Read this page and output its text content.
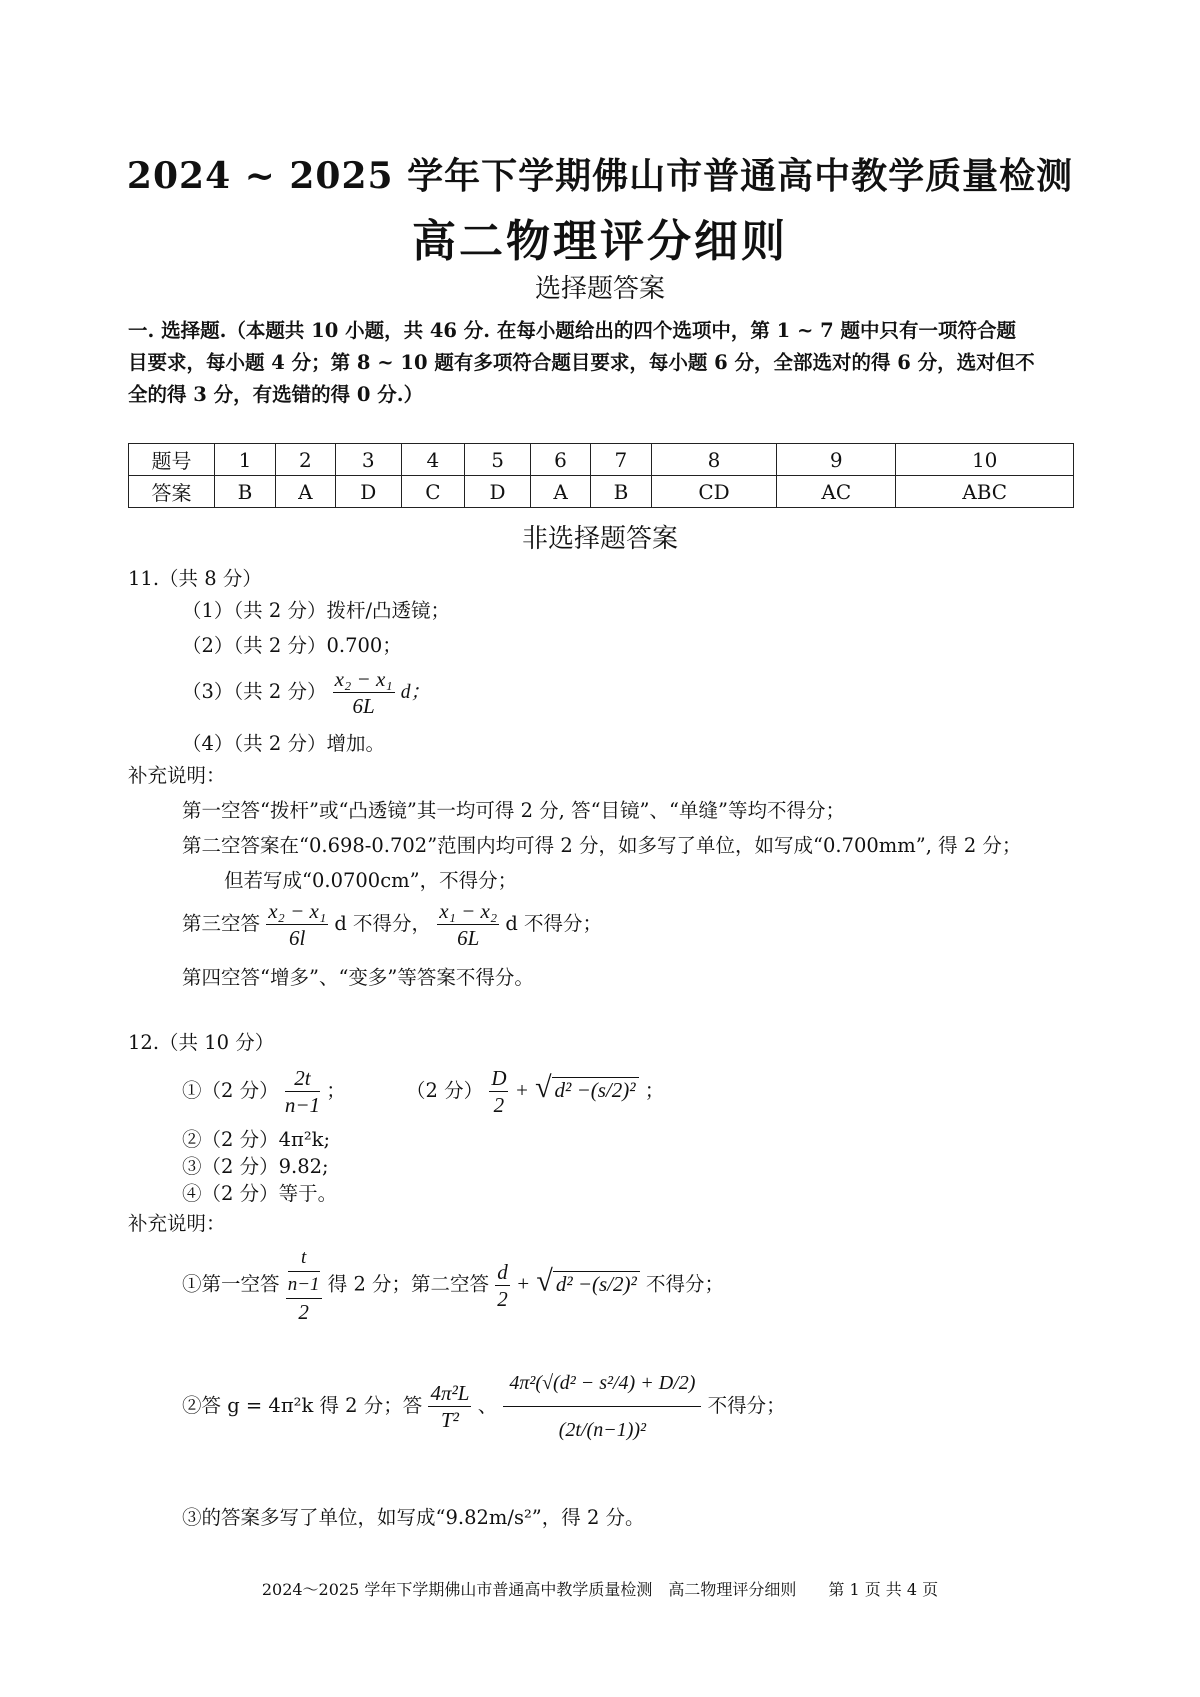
2024 ~ 2025 学年下学期佛山市普通高中教学质量检测
高二物理评分细则
选择题答案
一. 选择题.（本题共 10 小题，共 46 分. 在每小题给出的四个选项中，第 1 ~ 7 题中只有一项符合题
目要求，每小题 4 分；第 8 ~ 10 题有多项符合题目要求，每小题 6 分，全部选对的得 6 分，选对但不
全的得 3 分，有选错的得 0 分.）
题号	1	2	3	4	5	6	7	8	9	10
答案	B	A	D	C	D	A	B	CD	AC	ABC
非选择题答案
11.（共 8 分）
（1）（共 2 分）拨杆/凸透镜；
（2）（共 2 分）0.700；
（3）（共 2 分） $\frac{\text{x₂ − x₁}}{6L}$ d；
（4）（共 2 分）增加。
补充说明：
第一空答“拨杆”或“凸透镜”其一均可得 2 分, 答“目镜”、“单缝”等均不得分；
第二空答案在“0.698-0.702”范围内均可得 2 分，如多写了单位，如写成“0.700mm”, 得 2 分；
但若写成“0.0700cm”，不得分；
第三空答 $\frac{\text{x₂ − x₁}}{6l}$ d 不得分， $\frac{\text{x₁ − x₂}}{6L}$ d 不得分；
第四空答“增多”、“变多”等答案不得分。
12.（共 10 分）
①（2 分） $\frac{2t}{n-1}$ ；	（2 分） $\frac{D}{2}$ + √ d² −(s/2)² ；
②（2 分）4π²k;
③（2 分）9.82;
④（2 分）等于。
补充说明：
①第一空答 $\frac{\frac{t}{n-1}}{2}$ 得 2 分；第二空答 $\frac{d}{2}$ + √ d² −(s/2)² 不得分；
②答 g = 4π²k 得 2 分；答 $\frac{\text{4π²L}}{\text{T²}}$ 、 $\frac{\text{4π²(√(d² − s²/4) + D/2)}}{\text{(2t/(n−1))²}}$ 不得分；
③的答案多写了单位，如写成“9.82m/s²”，得 2 分。
2024～2025 学年下学期佛山市普通高中教学质量检测　高二物理评分细则　　第 1 页 共 4 页
